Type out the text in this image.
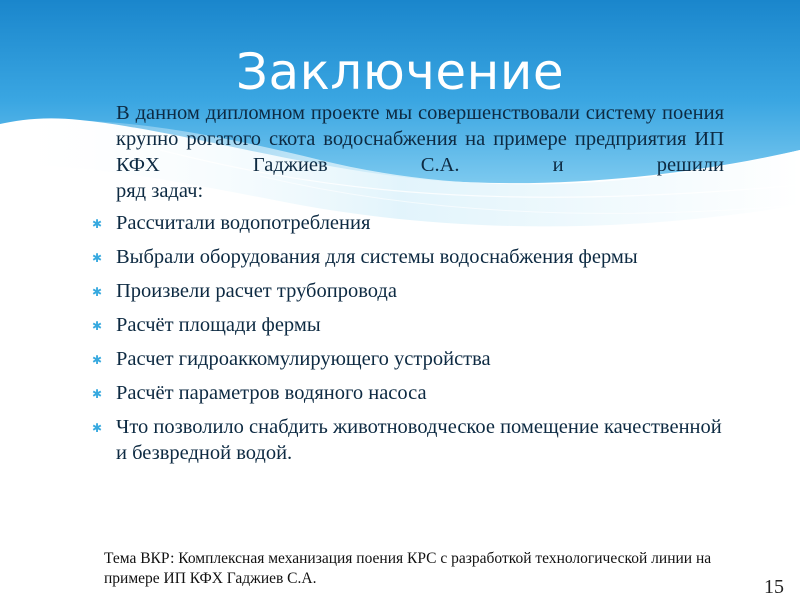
Заключение

В данном дипломном проекте мы совершенствовали систему поения крупно рогатого скота водоснабжения на примере предприятия ИП КФХ Гаджиев С.А. и решили
ряд задач:

✱ Рассчитали водопотребления
✱ Выбрали оборудования для системы водоснабжения фермы
✱ Произвели расчет трубопровода
✱ Расчёт площади фермы
✱ Расчет гидроаккомулирующего устройства
✱ Расчёт параметров водяного насоса
✱ Что позволило снабдить животноводческое помещение качественной и безвредной водой.
Тема ВКР: Комплексная механизация поения КРС с разработкой технологической линии на примере ИП КФХ Гаджиев С.А.	15
